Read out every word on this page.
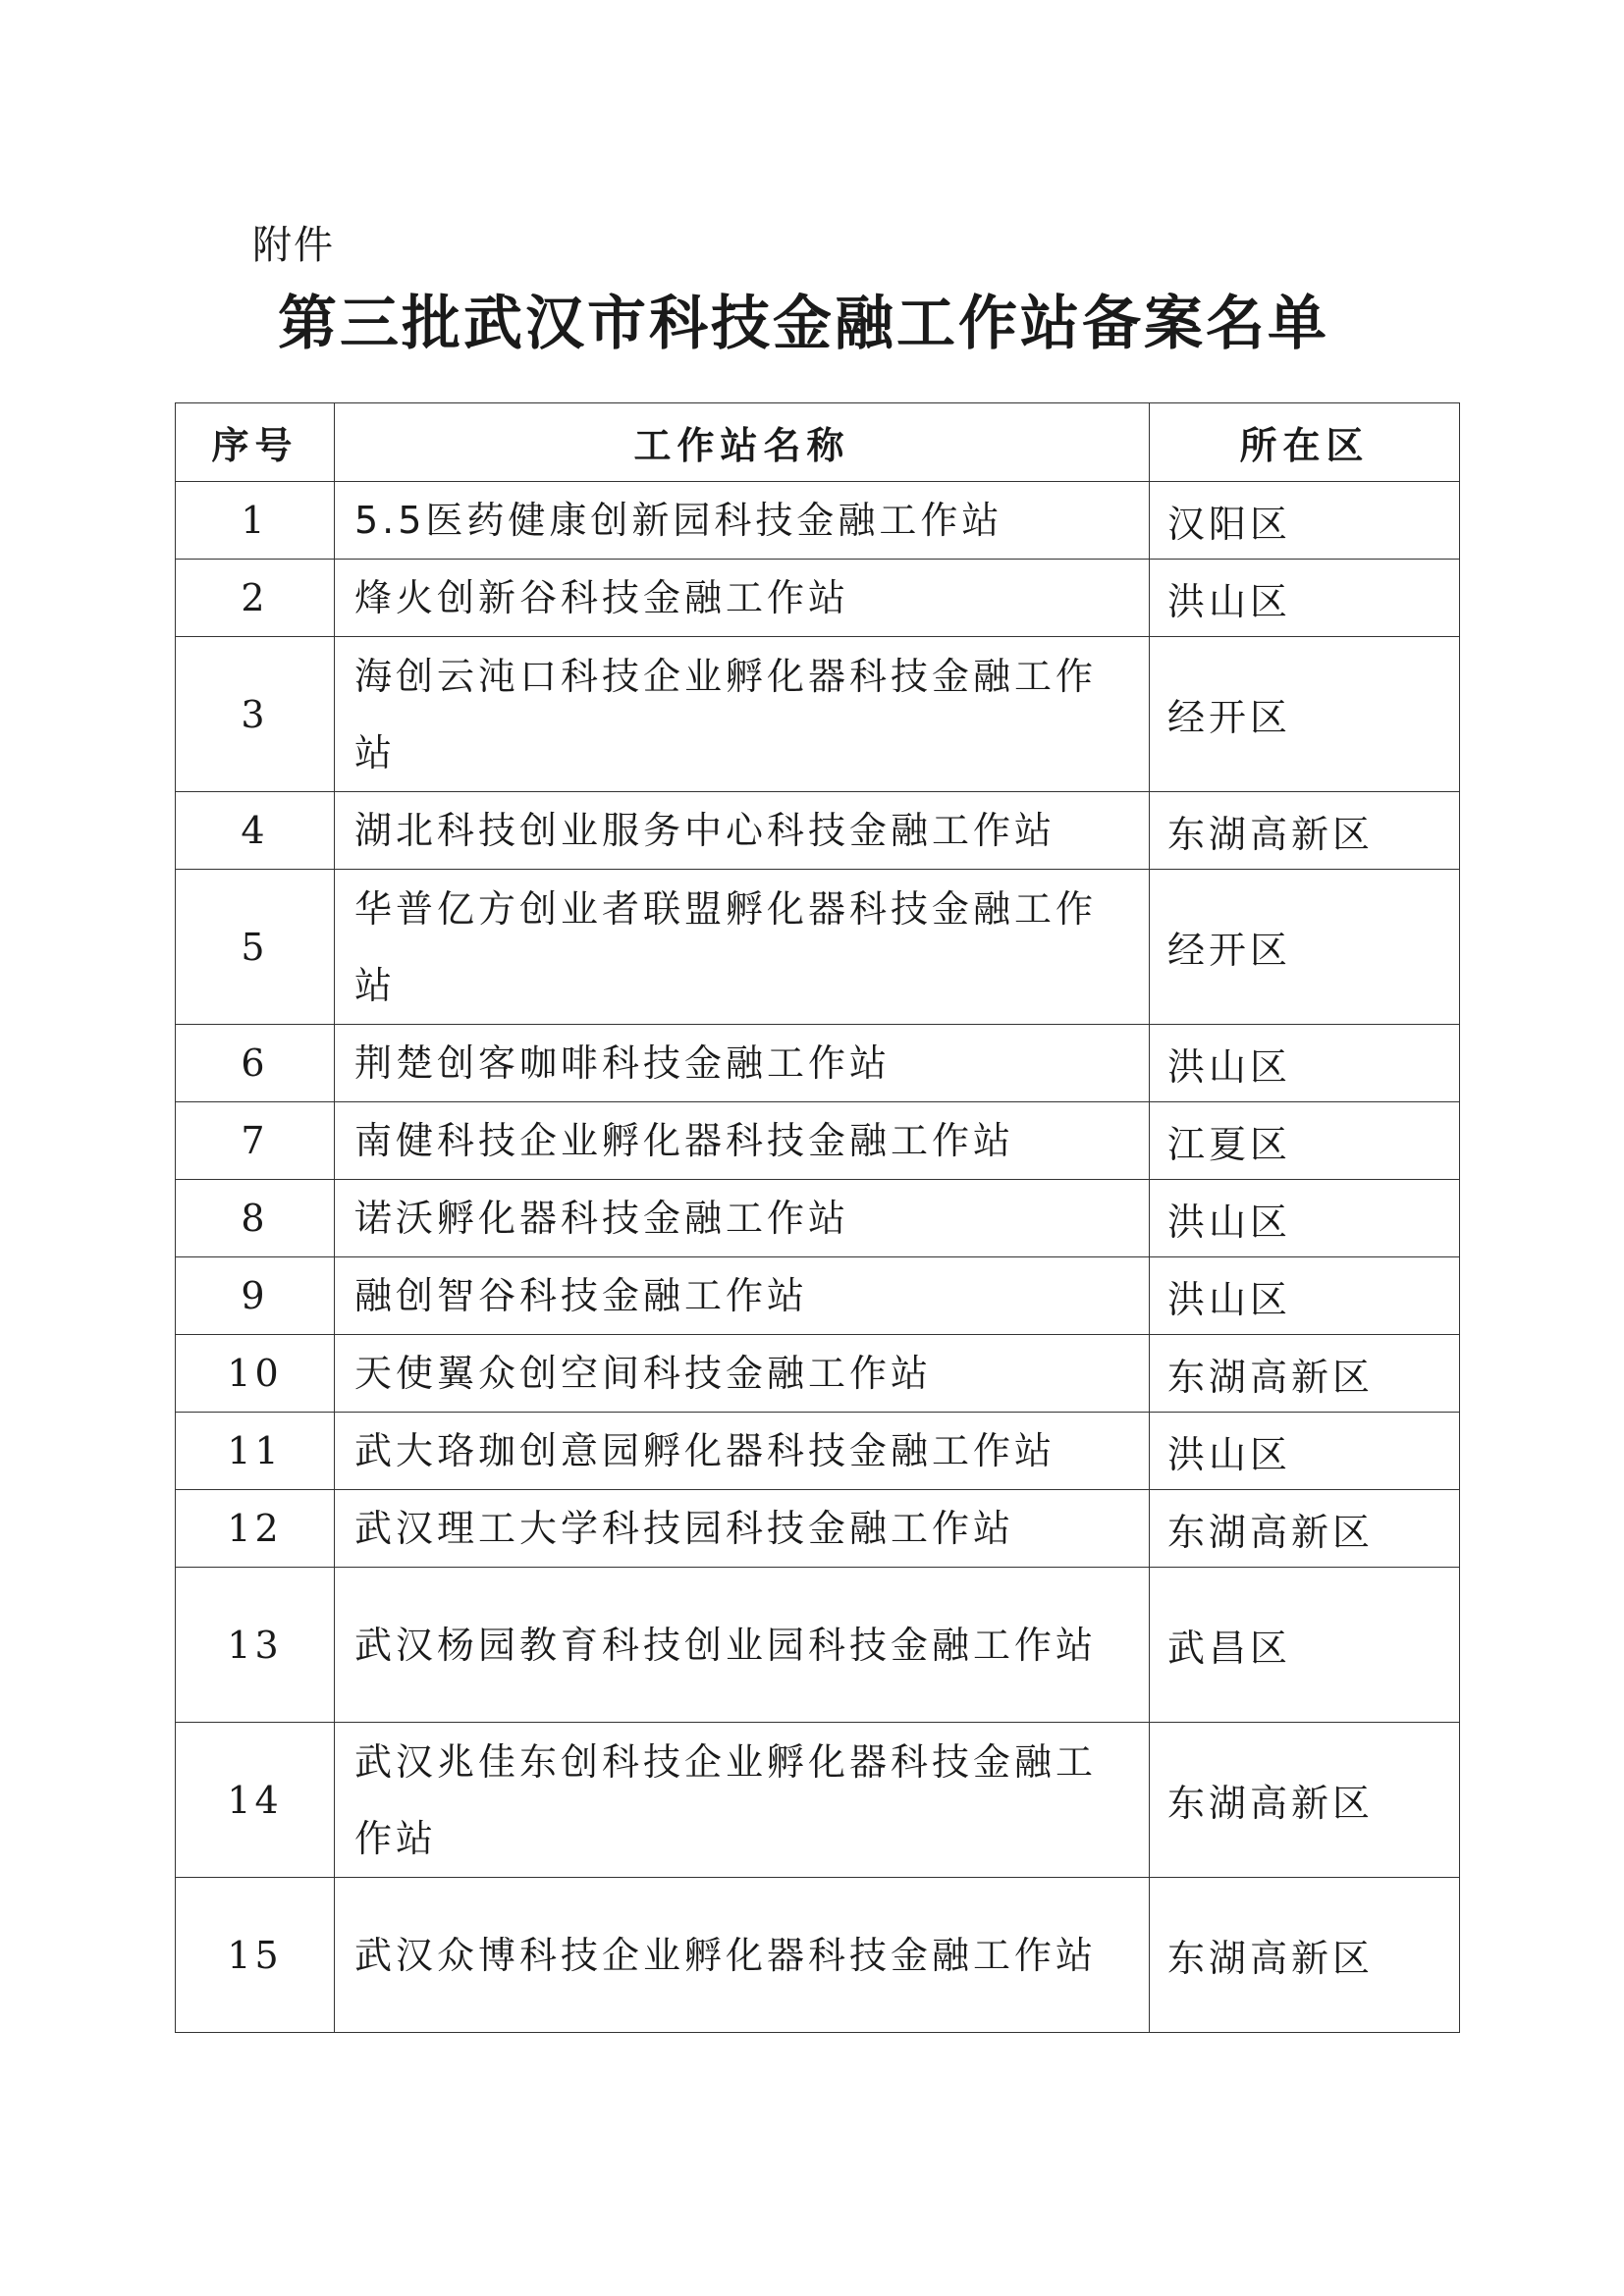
附件
第三批武汉市科技金融工作站备案名单
序号	工作站名称	所在区
1	5.5医药健康创新园科技金融工作站	汉阳区
2	烽火创新谷科技金融工作站	洪山区
3	海创云沌口科技企业孵化器科技金融工作站	经开区
4	湖北科技创业服务中心科技金融工作站	东湖高新区
5	华普亿方创业者联盟孵化器科技金融工作站	经开区
6	荆楚创客咖啡科技金融工作站	洪山区
7	南健科技企业孵化器科技金融工作站	江夏区
8	诺沃孵化器科技金融工作站	洪山区
9	融创智谷科技金融工作站	洪山区
10	天使翼众创空间科技金融工作站	东湖高新区
11	武大珞珈创意园孵化器科技金融工作站	洪山区
12	武汉理工大学科技园科技金融工作站	东湖高新区
13	武汉杨园教育科技创业园科技金融工作站	武昌区
14	武汉兆佳东创科技企业孵化器科技金融工作站	东湖高新区
15	武汉众博科技企业孵化器科技金融工作站	东湖高新区
